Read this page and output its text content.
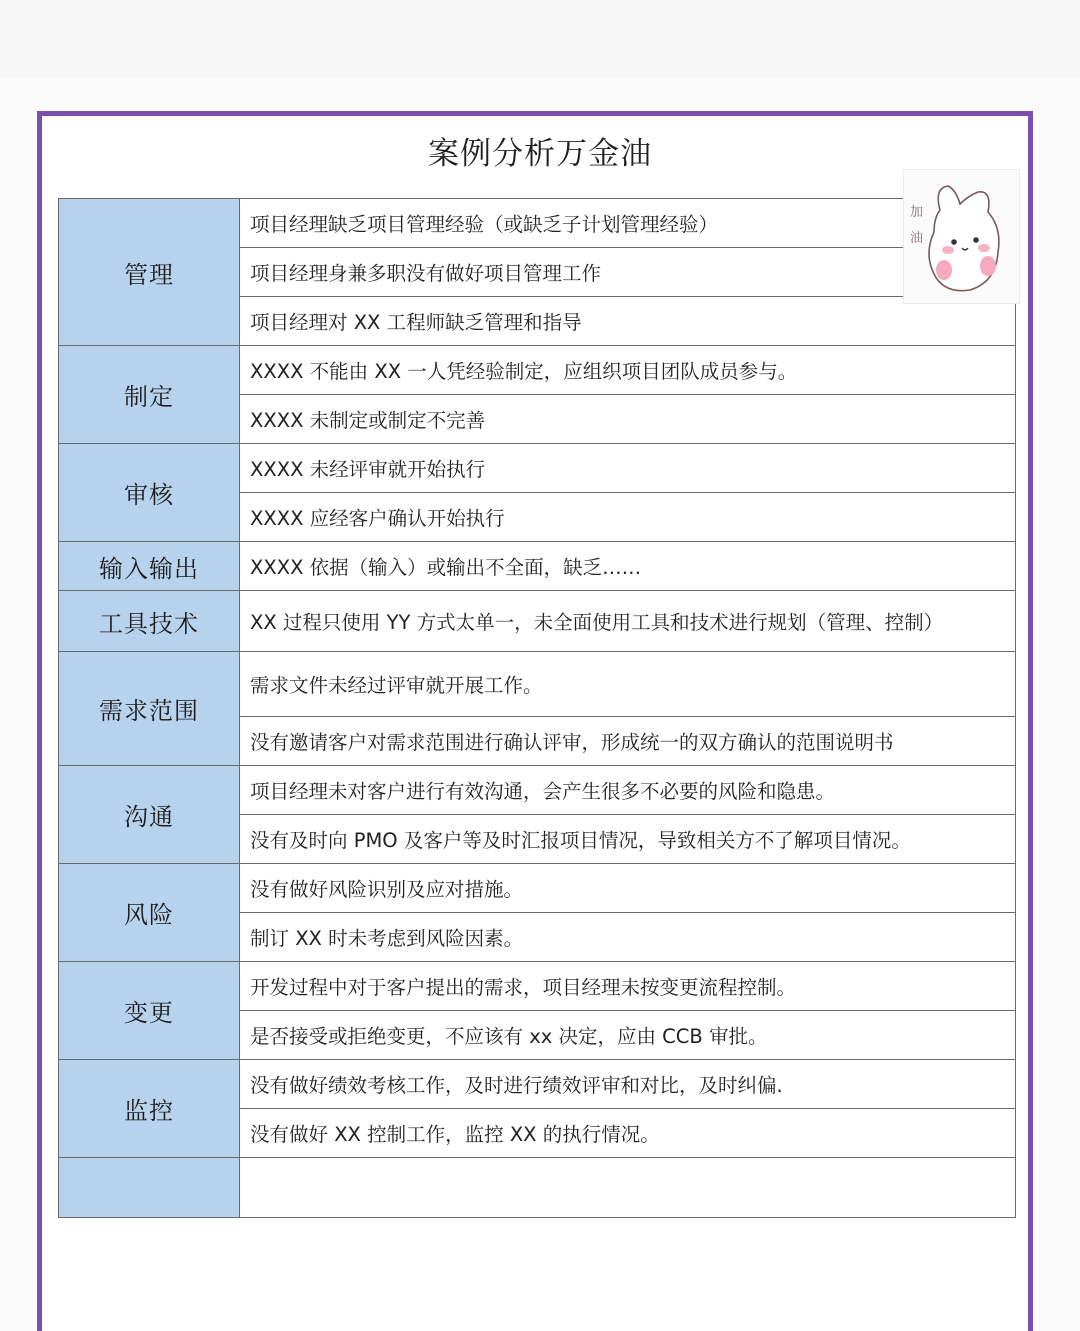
案例分析万金油
管理	项目经理缺乏项目管理经验（或缺乏子计划管理经验）
	项目经理身兼多职没有做好项目管理工作
	项目经理对 XX 工程师缺乏管理和指导
制定	XXXX 不能由 XX 一人凭经验制定，应组织项目团队成员参与。
	XXXX 未制定或制定不完善
审核	XXXX 未经评审就开始执行
	XXXX 应经客户确认开始执行
输入输出	XXXX 依据（输入）或输出不全面，缺乏……
工具技术	XX 过程只使用 YY 方式太单一，未全面使用工具和技术进行规划（管理、控制）
需求范围	需求文件未经过评审就开展工作。
	没有邀请客户对需求范围进行确认评审，形成统一的双方确认的范围说明书
沟通	项目经理未对客户进行有效沟通，会产生很多不必要的风险和隐患。
	没有及时向 PMO 及客户等及时汇报项目情况，导致相关方不了解项目情况。
风险	没有做好风险识别及应对措施。
	制订 XX 时未考虑到风险因素。
变更	开发过程中对于客户提出的需求，项目经理未按变更流程控制。
	是否接受或拒绝变更，不应该有 xx 决定，应由 CCB 审批。
监控	没有做好绩效考核工作，及时进行绩效评审和对比，及时纠偏.
	没有做好 XX 控制工作，监控 XX 的执行情况。

加油
